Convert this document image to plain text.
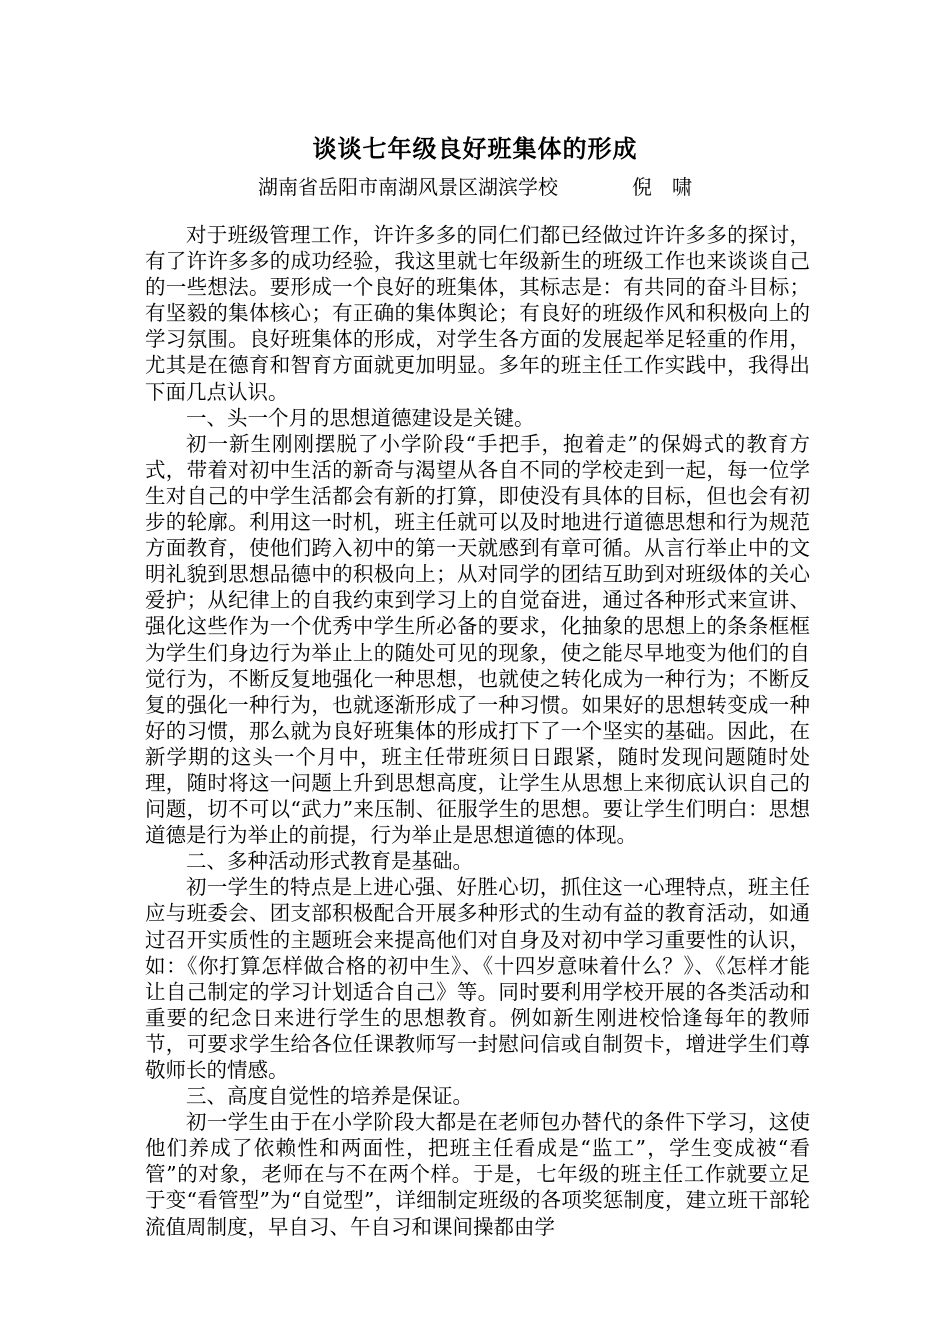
谈谈七年级良好班集体的形成
湖南省岳阳市南湖风景区湖滨学校	倪　啸

对于班级管理工作，许许多多的同仁们都已经做过许许多多的探讨，有了许许多多的成功经验，我这里就七年级新生的班级工作也来谈谈自己的一些想法。要形成一个良好的班集体，其标志是：有共同的奋斗目标；有坚毅的集体核心；有正确的集体舆论；有良好的班级作风和积极向上的学习氛围。良好班集体的形成，对学生各方面的发展起举足轻重的作用，尤其是在德育和智育方面就更加明显。多年的班主任工作实践中，我得出下面几点认识。

一、头一个月的思想道德建设是关键。

初一新生刚刚摆脱了小学阶段“手把手，抱着走”的保姆式的教育方式，带着对初中生活的新奇与渴望从各自不同的学校走到一起，每一位学生对自己的中学生活都会有新的打算，即使没有具体的目标，但也会有初步的轮廓。利用这一时机，班主任就可以及时地进行道德思想和行为规范方面教育，使他们跨入初中的第一天就感到有章可循。从言行举止中的文明礼貌到思想品德中的积极向上；从对同学的团结互助到对班级体的关心爱护；从纪律上的自我约束到学习上的自觉奋进，通过各种形式来宣讲、强化这些作为一个优秀中学生所必备的要求，化抽象的思想上的条条框框为学生们身边行为举止上的随处可见的现象，使之能尽早地变为他们的自觉行为，不断反复地强化一种思想，也就使之转化成为一种行为；不断反复的强化一种行为，也就逐渐形成了一种习惯。如果好的思想转变成一种好的习惯，那么就为良好班集体的形成打下了一个坚实的基础。因此，在新学期的这头一个月中，班主任带班须日日跟紧，随时发现问题随时处理，随时将这一问题上升到思想高度，让学生从思想上来彻底认识自己的问题，切不可以“武力”来压制、征服学生的思想。要让学生们明白：思想道德是行为举止的前提，行为举止是思想道德的体现。

二、多种活动形式教育是基础。

初一学生的特点是上进心强、好胜心切，抓住这一心理特点，班主任应与班委会、团支部积极配合开展多种形式的生动有益的教育活动，如通过召开实质性的主题班会来提高他们对自身及对初中学习重要性的认识，如：《你打算怎样做合格的初中生》、《十四岁意味着什么？》、《怎样才能让自己制定的学习计划适合自己》等。同时要利用学校开展的各类活动和重要的纪念日来进行学生的思想教育。例如新生刚进校恰逢每年的教师节，可要求学生给各位任课教师写一封慰问信或自制贺卡，增进学生们尊敬师长的情感。

三、高度自觉性的培养是保证。

初一学生由于在小学阶段大都是在老师包办替代的条件下学习，这使他们养成了依赖性和两面性，把班主任看成是“监工”，学生变成被“看管”的对象，老师在与不在两个样。于是，七年级的班主任工作就要立足于变“看管型”为“自觉型”，详细制定班级的各项奖惩制度，建立班干部轮流值周制度，早自习、午自习和课间操都由学
